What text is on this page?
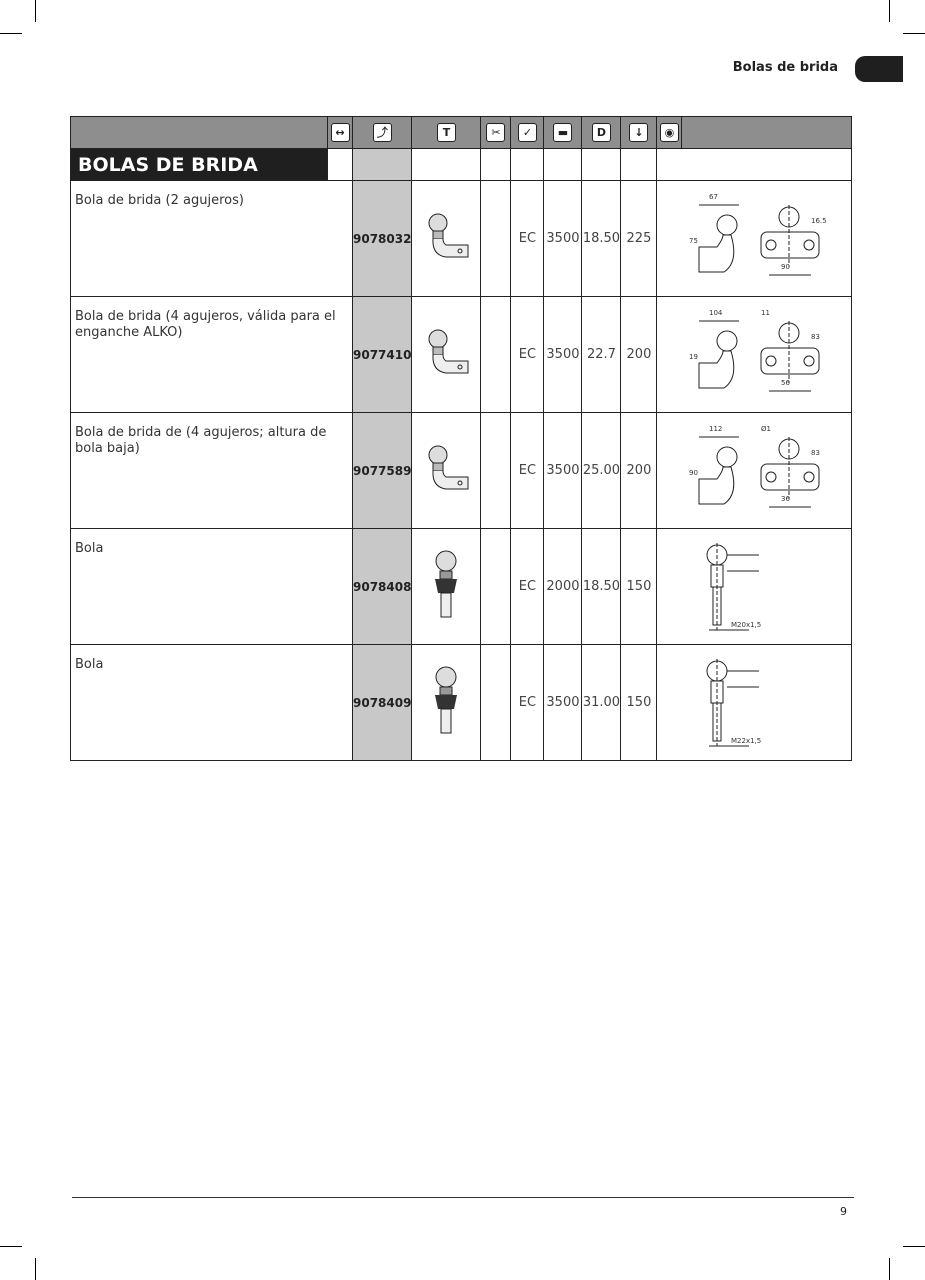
Bolas de brida
	↔	⤴	T	✂	✓	▬	D	↓	◉	
BOLAS DE BRIDA										
Bola de brida (2 agujeros)		9078032			EC	3500	18.50	225	67
75
16.5
90	

Bola de brida (4 agujeros, válida para el enganche ALKO)		9077410			EC	3500	22.7	200	104
19
83
56
11	

Bola de brida de (4 agujeros; altura de bola baja)		9077589			EC	3500	25.00	200	112
90
83
36
Ø1	

Bola		9078408			EC	2000	18.50	150	M20x1,5	

Bola		9078409			EC	3500	31.00	150	M22x1,5	
9
